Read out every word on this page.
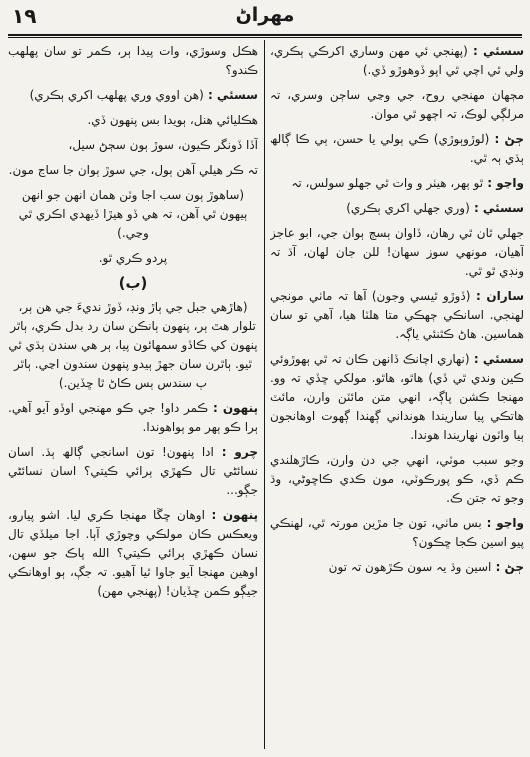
١٩	مهراڻ

سسئي : (پهنجي ئي مهن وساري اکرڪي ٻڪري، ولي ٿي اچي ٿي اپو ڏوهوڙو ڏي.)

مڄهان مهنجي روح، جي وڃي ساڄن وسري، تہ مرلڳي لوڪ، تہ اڄهو ٿي موان.

ڄڻ : (لوڙوٻوڙي) ڪي ٻولي يا حسن، ٻي ڪا ڳالھ ٻڌي ٻہ ٿي.

واڃو : ٿو ٻهر، هيٺر و وات ٿي جهلو سولس، تہ

سسئي : (وري جهلي اکري ٻڪري)

جهلي ٿان ٿي رهان، ڏاوان ٻسڄ ٻوان جي، ابو عاجز آهيان، مونهي سوز سهان! للن جان لهان، آڌ تہ ونڊي ٿو ٿي.

ساران : (ڏوڙو ٿيسي وجون) آها تہ ماٺي مونجي لهنجي. اسانڪي ڄهڪي متا هلٽا هيا، آهي تو سان هماسين. هاڻ ڪٿنئي ياڳہ.

سسئي : (نهاري اچانڪ ڏانهن ڪان تہ ٿي ٻهوڙوئي ڪين وندي ٿي ڏي) هاٿو، هاٿو. مولکي ڇڏي تہ وو. مهنجا ڪشن پاڳہ، انهي متن مائٽن وارن، مائٽ هاتڪي پيا ساريندا هونداني ڳهندا ڳهوت اوهانجون ٻيا واٽون نهاريندا هوندا.

وجو سبب موٽي، انهي جي دن وارن، ڪاڙهلندي ڪم ڏي، ڪو پورڪوٽي، مون ڪدي ڪاڇوڻي، وڌ وجو تہ جتن ڪ.

واڃو : بس ماٺي، تون جا مڙين مورتہ ٿي، لهنڪي پيو اسين ڪجا ڇڪون؟

ڄڻ : اسين وڌ يہ سون ڪڙهون تہ تون

هڪل وسوڙي، وات پيدا ٻر، ڪمر تو سان پهلهب ڪندو؟

سسئي : (هن اووي وري پهلهب اکري ٻڪري)

هڪليائي هنل، ٻويدا بس پنهون ڏي.

آڏا ڏونگر ڪيون، سوڙ ٻون سڄڻ سيل،

تہ ڪر هيلي آهن ٻول، جي سوڙ ٻوان جا ساڃ مون.

(ساهوڙ ٻون سب اجا وٽن همان انهن جو انهن ٻيهون ٿي آهن، تہ هي ڏو هيڙا ڏيهدي اڪري ٿي وڃي.)
پردو ڪري ٿو.
(ب)
(هاڙهي جبل جي ٻاڙ ونڊ، ڏوڙ نديءَ جي هن ٻر، تلوار هٿ ٻر، پنهون ٻانڪن سان رد بدل ڪري، ٻاٿر پنهون کي ڪاڏو سمهائون پيا، ٻر هي سندن ٻڌي ٿي ٿيو. ٻاٿرن سان جهڙ ٻيدو پنهون سندون اڃي. ٻاٿر ٻ سندس ٻس ڪاڻ ٿا ڇڏين.)

پنهون : ڪمر داو! جي ڪو مهنجي اوڏو آيو آهي. ٻرا ڪو ٻهر مو ٻواهوندا.

چرو : ادا پنهون! تون اسانجي ڳالھ ٻڌ. اسان نسائڻي تال ڪهڙي ٻرائي ڪيتي؟ اسان نسائڻي جڳو...

پنهون : اوهان ڇڱا مهنجا ڪري ليا. اشو پيارو، ويعڪس ڪان مولڪي وچوڙي آٻا. اجا ميلڏي تال نسان ڪهڙي ٻرائي ڪيتي؟ الله پاڪ جو سهن، اوهين مهنجا آيو جاوا ٿيا آهيو. تہ جڳ، ٻو اوهانڪي جيڳو ڪمن ڇڏيان! (پهنجي مهن)
